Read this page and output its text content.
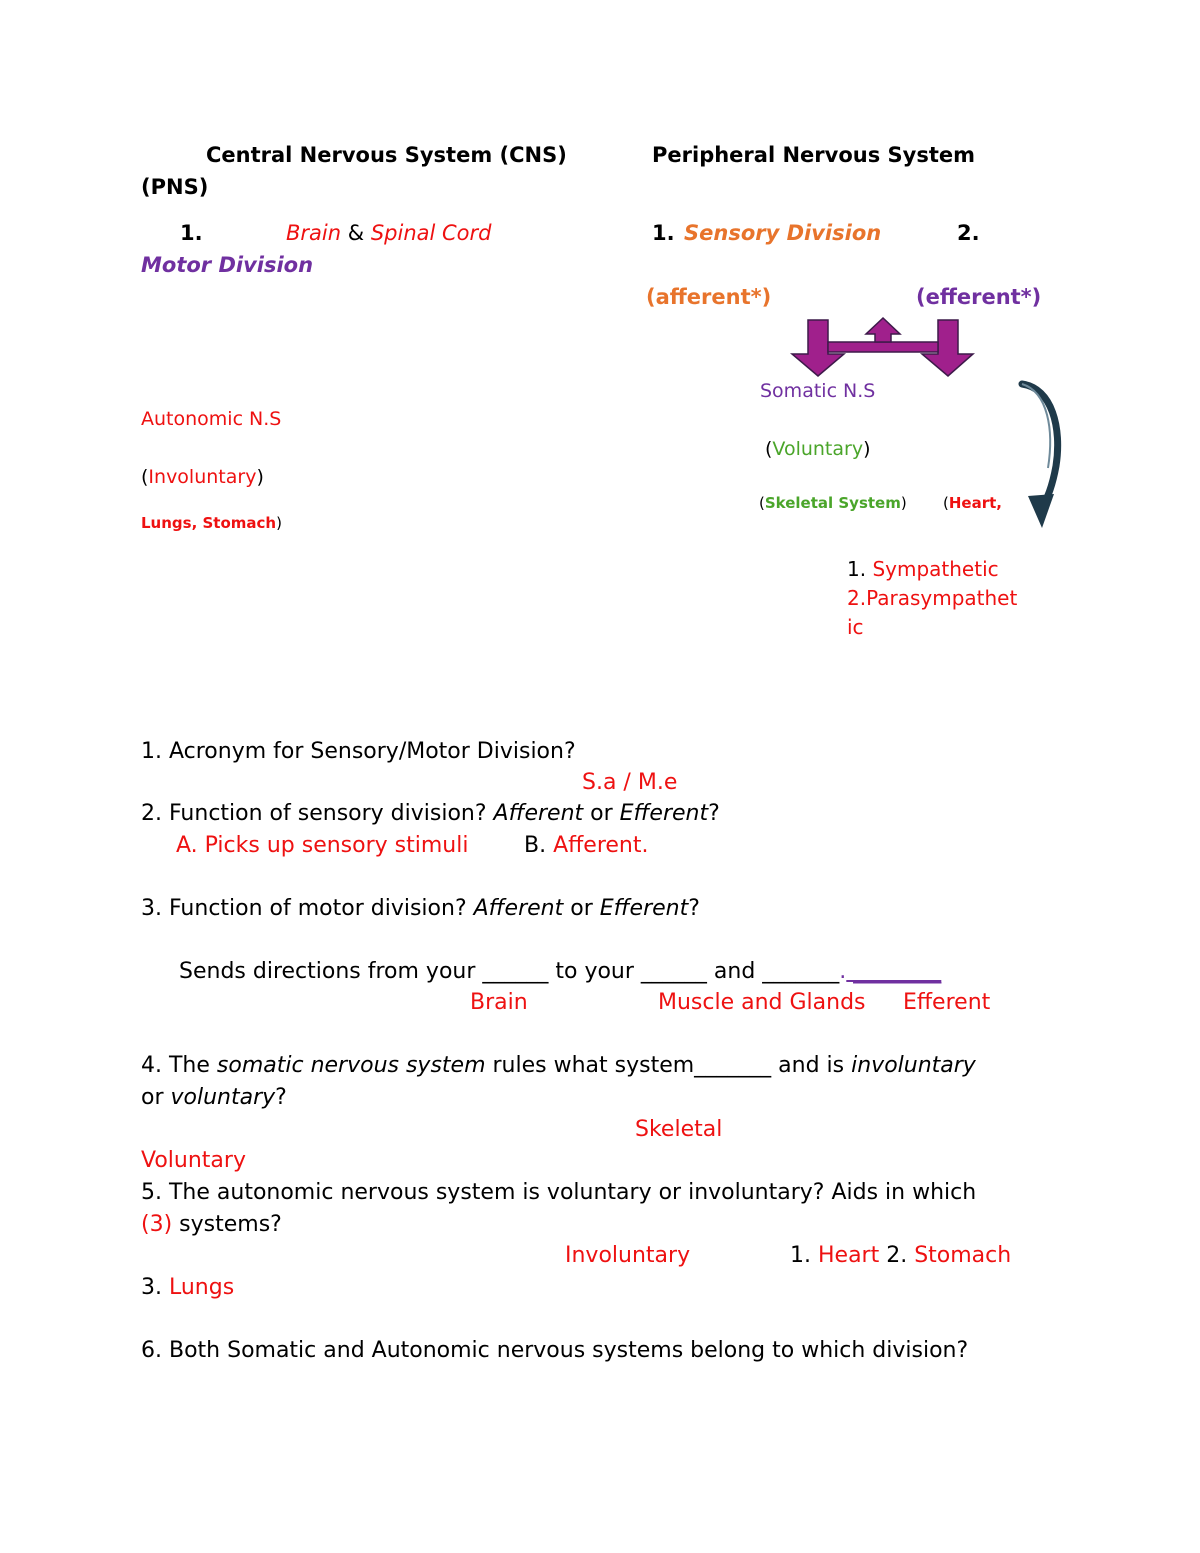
Central Nervous System (CNS)	Peripheral Nervous System
(PNS)
1.	Brain & Spinal Cord	1. Sensory Division	2.
Motor Division
(afferent*)	(efferent*)
Somatic N.S
(Voluntary)
(Skeletal System) (Heart,
Autonomic N.S
(Involuntary)
Lungs, Stomach)
1. Sympathetic
2.Parasympathet
ic
1. Acronym for Sensory/Motor Division?
S.a / M.e
2. Function of sensory division? Afferent or Efferent?
A. Picks up sensory stimuli	B. Afferent.
3. Function of motor division? Afferent or Efferent?
Sends directions from your ______ to your ______ and _______. ________
Brain	Muscle and Glands Efferent
4. The somatic nervous system rules what system_______ and is involuntary
or voluntary?
Skeletal
Voluntary
5. The autonomic nervous system is voluntary or involuntary? Aids in which
(3) systems?
Involuntary	1. Heart 2. Stomach
3. Lungs
6. Both Somatic and Autonomic nervous systems belong to which division?
